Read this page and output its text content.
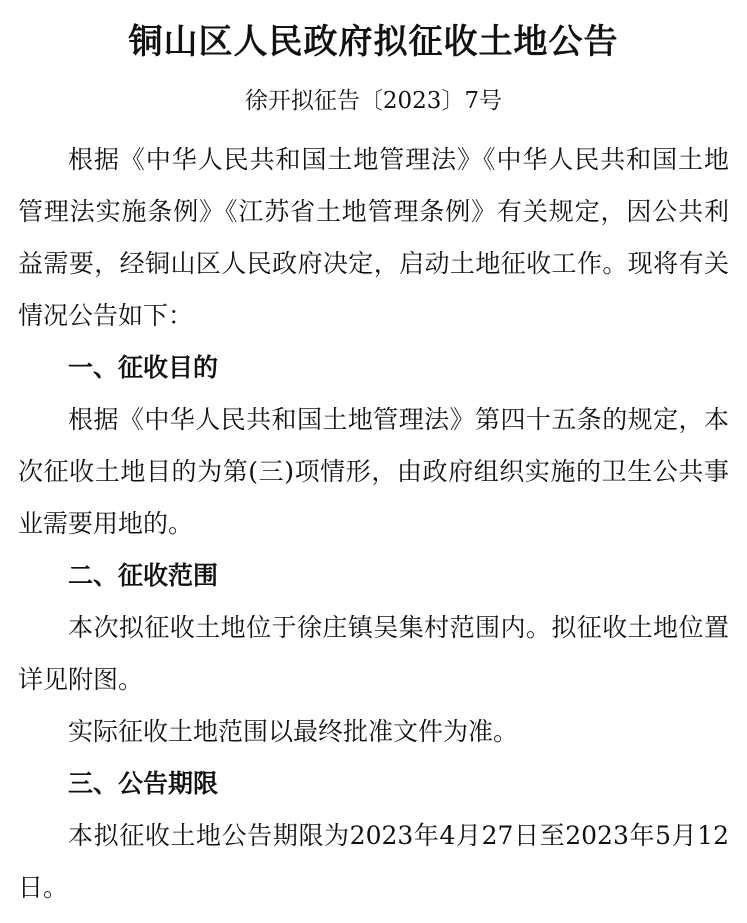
铜山区人民政府拟征收土地公告
徐开拟征告〔2023〕7号

根据《中华人民共和国土地管理法》《中华人民共和国土地管理法实施条例》《江苏省土地管理条例》有关规定，因公共利益需要，经铜山区人民政府决定，启动土地征收工作。现将有关情况公告如下：

一、征收目的

根据《中华人民共和国土地管理法》第四十五条的规定，本次征收土地目的为第(三)项情形，由政府组织实施的卫生公共事业需要用地的。

二、征收范围

本次拟征收土地位于徐庄镇吴集村范围内。拟征收土地位置详见附图。

实际征收土地范围以最终批准文件为准。

三、公告期限

本拟征收土地公告期限为2023年4月27日至2023年5月12日。
